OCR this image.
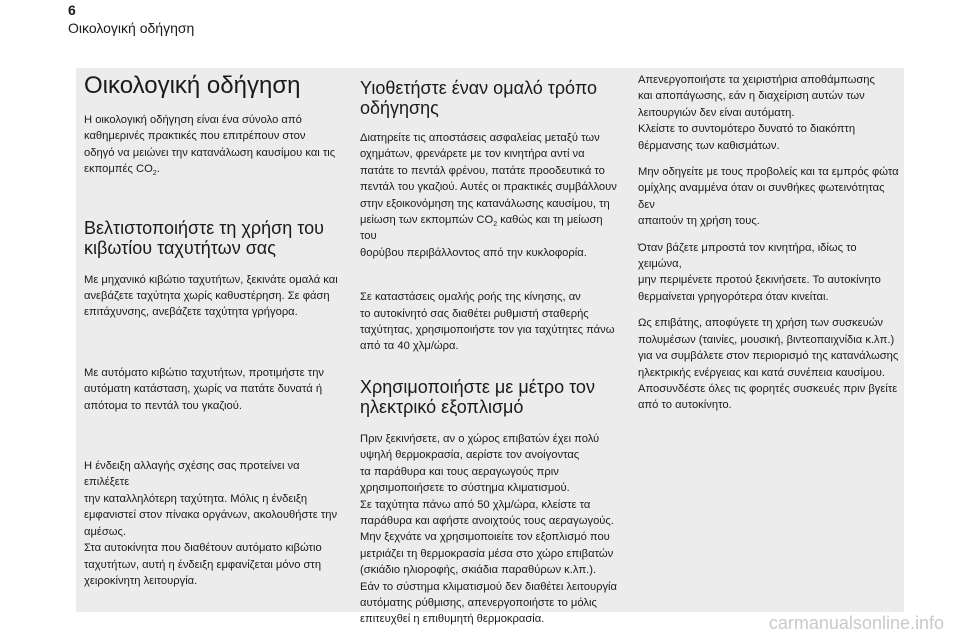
6
Οικολογική οδήγηση
Οικολογική οδήγηση

Η οικολογική οδήγηση είναι ένα σύνολο από
καθημερινές πρακτικές που επιτρέπουν στον
οδηγό να μειώνει την κατανάλωση καυσίμου και τις
εκπομπές $CO_2$.

Βελτιστοποιήστε τη χρήση του
κιβωτίου ταχυτήτων σας

Με μηχανικό κιβώτιο ταχυτήτων, ξεκινάτε ομαλά και
ανεβάζετε ταχύτητα χωρίς καθυστέρηση. Σε φάση
επιτάχυνσης, ανεβάζετε ταχύτητα γρήγορα.

Με αυτόματο κιβώτιο ταχυτήτων, προτιμήστε την
αυτόματη κατάσταση, χωρίς να πατάτε δυνατά ή
απότομα το πεντάλ του γκαζιού.

Η ένδειξη αλλαγής σχέσης σας προτείνει να επιλέξετε
την καταλληλότερη ταχύτητα. Μόλις η ένδειξη
εμφανιστεί στον πίνακα οργάνων, ακολουθήστε την
αμέσως.
Στα αυτοκίνητα που διαθέτουν αυτόματο κιβώτιο
ταχυτήτων, αυτή η ένδειξη εμφανίζεται μόνο στη
χειροκίνητη λειτουργία.

Υιοθετήστε έναν ομαλό τρόπο
οδήγησης

Διατηρείτε τις αποστάσεις ασφαλείας μεταξύ των
οχημάτων, φρενάρετε με τον κινητήρα αντί να
πατάτε το πεντάλ φρένου, πατάτε προοδευτικά το
πεντάλ του γκαζιού. Αυτές οι πρακτικές συμβάλλουν
στην εξοικονόμηση της κατανάλωσης καυσίμου, τη
μείωση των εκπομπών $CO_2$ καθώς και τη μείωση του
θορύβου περιβάλλοντος από την κυκλοφορία.

Σε καταστάσεις ομαλής ροής της κίνησης, αν
το αυτοκίνητό σας διαθέτει ρυθμιστή σταθερής
ταχύτητας, χρησιμοποιήστε τον για ταχύτητες πάνω
από τα 40 χλμ/ώρα.

Χρησιμοποιήστε με μέτρο τον
ηλεκτρικό εξοπλισμό

Πριν ξεκινήσετε, αν ο χώρος επιβατών έχει πολύ
υψηλή θερμοκρασία, αερίστε τον ανοίγοντας
τα παράθυρα και τους αεραγωγούς πριν
χρησιμοποιήσετε το σύστημα κλιματισμού.
Σε ταχύτητα πάνω από 50 χλμ/ώρα, κλείστε τα
παράθυρα και αφήστε ανοιχτούς τους αεραγωγούς.
Μην ξεχνάτε να χρησιμοποιείτε τον εξοπλισμό που
μετριάζει τη θερμοκρασία μέσα στο χώρο επιβατών
(σκιάδιο ηλιοροφής, σκιάδια παραθύρων κ.λπ.).
Εάν το σύστημα κλιματισμού δεν διαθέτει λειτουργία
αυτόματης ρύθμισης, απενεργοποιήστε το μόλις
επιτευχθεί η επιθυμητή θερμοκρασία.

Απενεργοποιήστε τα χειριστήρια αποθάμπωσης
και αποπάγωσης, εάν η διαχείριση αυτών των
λειτουργιών δεν είναι αυτόματη.
Κλείστε το συντομότερο δυνατό το διακόπτη
θέρμανσης των καθισμάτων.

Μην οδηγείτε με τους προβολείς και τα εμπρός φώτα
ομίχλης αναμμένα όταν οι συνθήκες φωτεινότητας δεν
απαιτούν τη χρήση τους.

Όταν βάζετε μπροστά τον κινητήρα, ιδίως το χειμώνα,
μην περιμένετε προτού ξεκινήσετε. Το αυτοκίνητο
θερμαίνεται γρηγορότερα όταν κινείται.

Ως επιβάτης, αποφύγετε τη χρήση των συσκευών
πολυμέσων (ταινίες, μουσική, βιντεοπαιχνίδια κ.λπ.)
για να συμβάλετε στον περιορισμό της κατανάλωσης
ηλεκτρικής ενέργειας και κατά συνέπεια καυσίμου.
Αποσυνδέστε όλες τις φορητές συσκευές πριν βγείτε
από το αυτοκίνητο.

carmanualsonline.info
